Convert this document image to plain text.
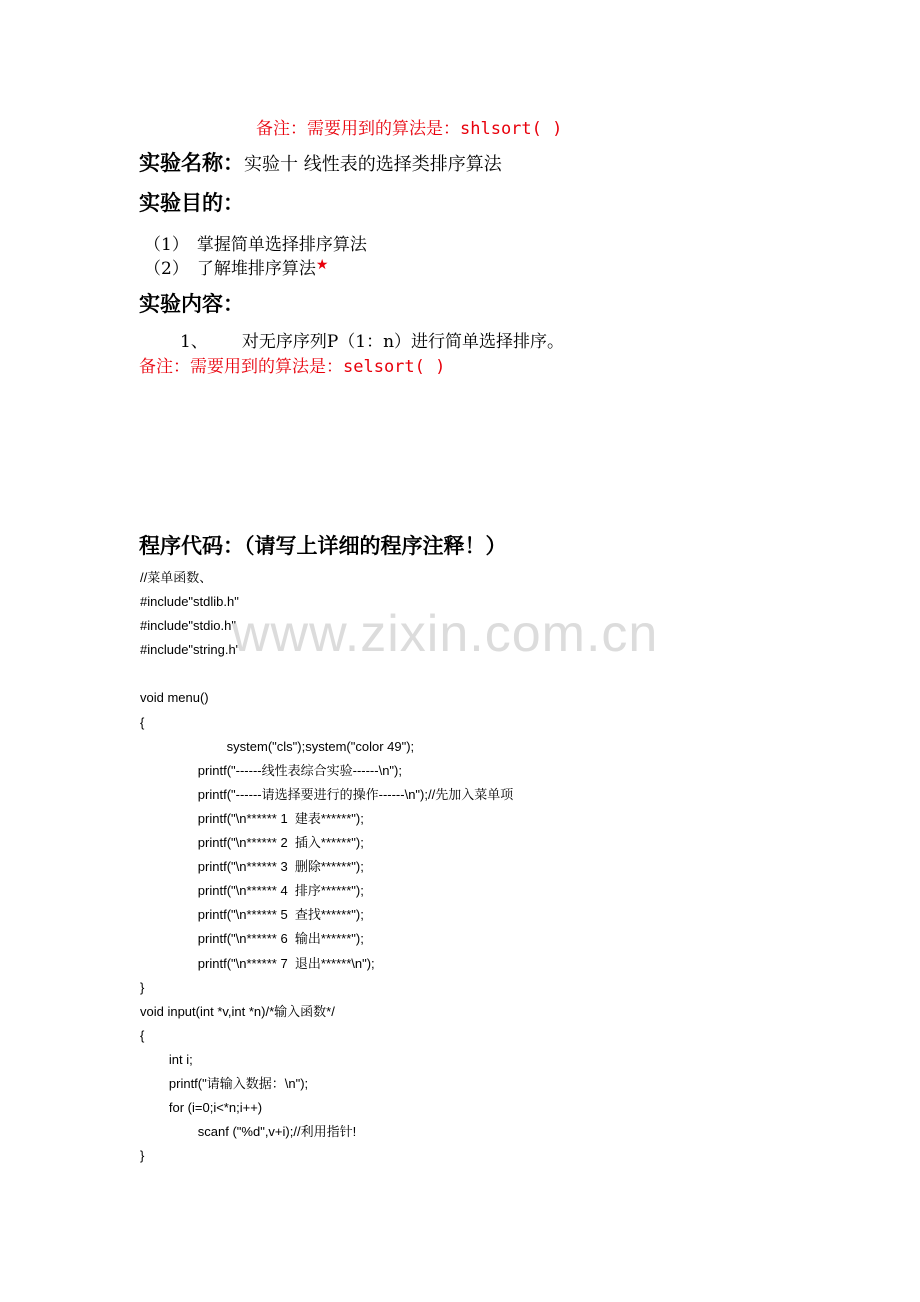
备注：需要用到的算法是：shlsort( )
实验名称：实验十 线性表的选择类排序算法
实验目的：
（1） 掌握简单选择排序算法
（2） 了解堆排序算法★
实验内容：
1、 对无序序列P（1：n）进行简单选择排序。
备注：需要用到的算法是：selsort( )
程序代码：（请写上详细的程序注释！）
//菜单函数、
#include"stdlib.h"
#include"stdio.h"
#include"string.h"
void menu()
{
system("cls");system("color 49");
printf("------线性表综合实验------\n");
printf("------请选择要进行的操作------\n");//先加入菜单项
printf("\n****** 1  建表******");
printf("\n****** 2  插入******");
printf("\n****** 3  删除******");
printf("\n****** 4  排序******");
printf("\n****** 5  查找******");
printf("\n****** 6  输出******");
printf("\n****** 7  退出******\n");
}
void input(int *v,int *n)/*输入函数*/
{
int i;
printf("请输入数据：\n");
for (i=0;i<*n;i++)
scanf ("%d",v+i);//利用指针!
}
www.zixin.com.cn
